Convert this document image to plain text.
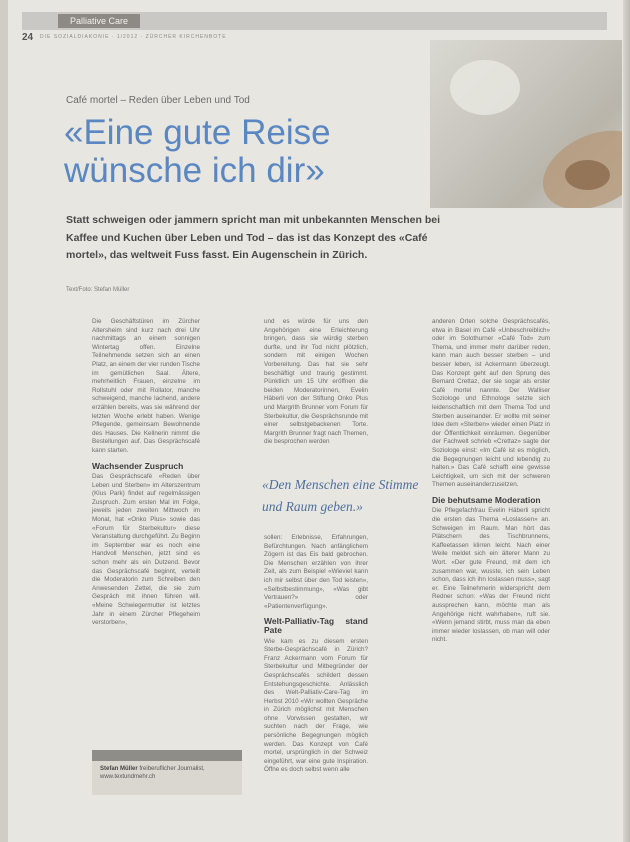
Palliative Care
24 DIE SOZIALDIAKONIE · 1/2012 · ZÜRCHER KIRCHENBOTE
Café mortel – Reden über Leben und Tod
«Eine gute Reise
wünsche ich dir»
Statt schweigen oder jammern spricht man mit unbekannten Menschen bei Kaffee und Kuchen über Leben und Tod – das ist das Konzept des «Café mortel», das weltweit Fuss fasst. Ein Augenschein in Zürich.
Text/Foto: Stefan Müller
Die Geschäftstüren im Zürcher Altersheim sind kurz nach drei Uhr nachmittags an einem sonnigen Wintertag offen. Einzelne Teilnehmende setzen sich an einen Platz, an einem der vier runden Tische im gemütlichen Saal. Ältere, mehrheitlich Frauen, einzelne im Rollstuhl oder mit Rollator, manche schweigend, manche lachend, andere erzählen bereits, was sie während der letzten Woche erlebt haben. Wenige Pflegende, gemeinsam Bewohnende des Hauses. Die Kellnerin nimmt die Bestellungen auf. Das Gesprächscafé kann starten.
Wachsender Zuspruch
Das Gesprächscafé «Reden über Leben und Sterben» im Alterszentrum (Klus Park) findet auf regelmässigen Zuspruch. Zum ersten Mal im Folge, jeweils jeden zweiten Mittwoch im Monat, hat «Onko Plus» sowie das «Forum für Sterbekultur» diese Veranstaltung durchgeführt. Zu Beginn im September war es noch eine Handvoll Menschen, jetzt sind es schon mehr als ein Dutzend. Bevor das Gesprächscafé beginnt, verteilt die Moderatorin zum Schreiben den Anwesenden Zettel, die sie zum Gespräch mit ihnen führen will. «Meine Schwiegermutter ist letztes Jahr in einem Zürcher Pflegeheim verstorben»,
und es würde für uns den Angehörigen eine Erleichterung bringen, dass sie würdig sterben durfte, und ihr Tod nicht plötzlich, sondern mit einigen Wochen Vorbereitung. Das hat sie sehr beschäftigt und traurig gestimmt. Pünktlich um 15 Uhr eröffnen die beiden Moderatorinnen, Evelin Häberli von der Stiftung Onko Plus und Margrith Brunner vom Forum für Sterbekultur, die Gesprächsrunde mit einer selbstgebackenen Torte. Margrith Brunner fragt nach Themen, die besprochen werden
«Den Menschen eine Stimme
und Raum geben.»
sollen: Erlebnisse, Erfahrungen, Befürchtungen. Nach anfänglichem Zögern ist das Eis bald gebrochen. Die Menschen erzählen von ihrer Zeit, als zum Beispiel «Wieviel kann ich mir selbst über den Tod leisten», «Selbstbestimmung», «Was gibt Vertrauen?» oder «Patientenverfügung».
Welt-Palliativ-Tag stand Pate
Wie kam es zu diesem ersten Sterbe-Gesprächscafé in Zürich? Franz Ackermann vom Forum für Sterbekultur und Mitbegründer der Gesprächscafés schildert dessen Entstehungsgeschichte. Anlässlich des Welt-Palliativ-Care-Tag im Herbst 2010 «Wir wollten Gespräche in Zürich möglichst mit Menschen ohne Vorwissen gestalten, wir suchten nach der Frage, wie persönliche Begegnungen möglich werden. Das Konzept von Café mortel, ursprünglich in der Schweiz eingeführt, war eine gute Inspiration. Öffne es doch selbst wenn alle
anderen Orten solche Gesprächscafés, etwa in Basel im Café «Unbeschreiblich» oder im Solothurner «Café Tod» zum Thema, und immer mehr darüber reden, kann man auch besser sterben – und besser leben, ist Ackermann überzeugt. Das Konzept geht auf den Sprung des Bernard Crettaz, der sie sogar als erster Café mortel nannte. Der Walliser Soziologe und Ethnologe setzte sich leidenschaftlich mit dem Thema Tod und Sterben auseinander. Er wollte mit seiner Idee dem «Sterben» wieder einen Platz in der Öffentlichkeit einräumen. Gegenüber der Fachwelt schrieb «Crettaz» sagte der Soziologe einst: «Im Café ist es möglich, die Begegnungen leicht und lebendig zu halten.» Das Café schafft eine gewisse Leichtigkeit, um sich mit der schweren Themen auseinanderzusetzen.
Die behutsame Moderation
Die Pflegefachfrau Evelin Häberli spricht die ersten das Thema «Loslassen» an. Schweigen im Raum. Man hört das Plätschern des Tischbrunnens, Kaffeetassen klirren leicht. Nach einer Weile meldet sich ein älterer Mann zu Wort. «Der gute Freund, mit dem ich zusammen war, wusste, ich sein Leben schon, dass ich ihn loslassen muss», sagt er. Eine Teilnehmerin widerspricht dem Redner schon: «Was der Freund nicht aussprechen kann, möchte man als Angehörige nicht wahrhaben», ruft sie. «Wenn jemand stirbt, muss man da eben immer wieder loslassen, ob man will oder nicht.
Stefan Müller freiberuflicher Journalist, www.textundmehr.ch
